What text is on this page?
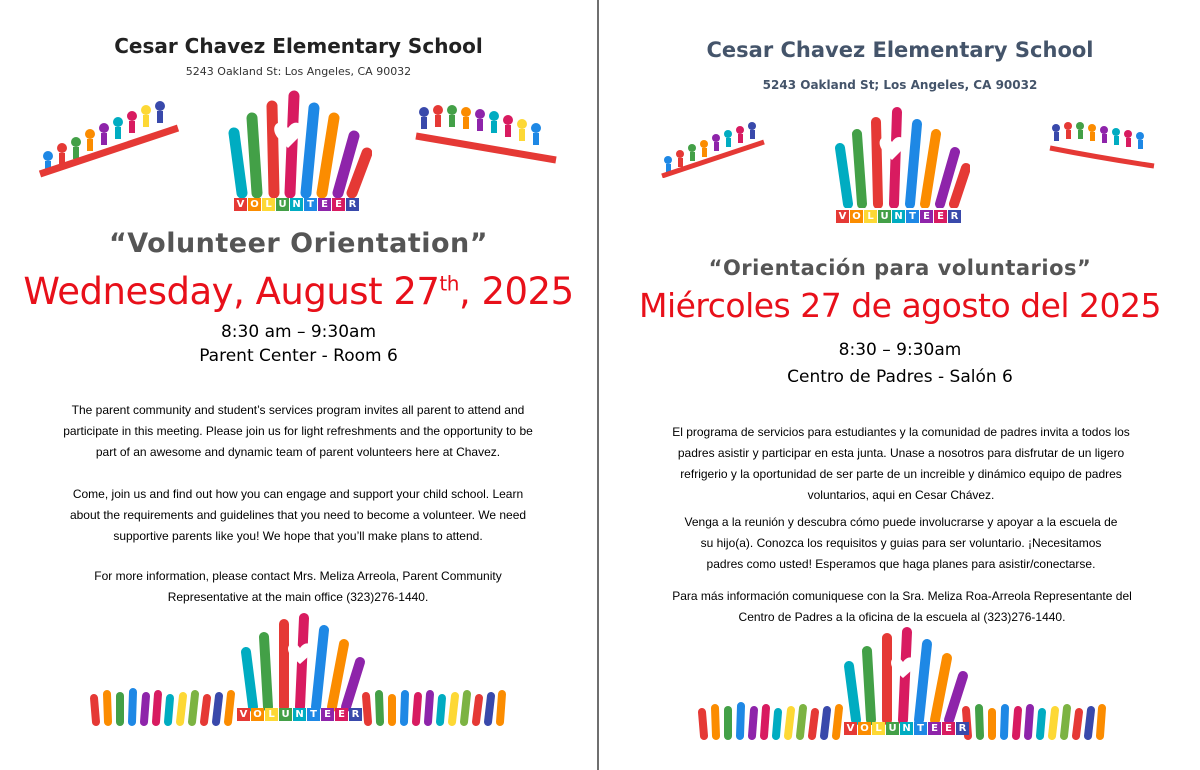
Cesar Chavez Elementary School
5243 Oakland St: Los Angeles, CA 90032
V O L U N T E E R
“Volunteer Orientation”
Wednesday, August 27th, 2025
8:30 am – 9:30am
Parent Center - Room 6

The parent community and student’s services program invites all parent to attend and participate in this meeting. Please join us for light refreshments and the opportunity to be part of an awesome and dynamic team of parent volunteers here at Chavez.

Come, join us and find out how you can engage and support your child school. Learn about the requirements and guidelines that you need to become a volunteer. We need supportive parents like you! We hope that you’ll make plans to attend.

For more information, please contact Mrs. Meliza Arreola, Parent Community Representative at the main office (323)276-1440.

V O L U N T E E R
Cesar Chavez Elementary School
5243 Oakland St; Los Angeles, CA 90032
V O L U N T E E R
“Orientación para voluntarios”
Miércoles 27 de agosto del 2025
8:30 – 9:30am
Centro de Padres - Salón 6

El programa de servicios para estudiantes y la comunidad de padres invita a todos los padres asistir y participar en esta junta. Unase a nosotros para disfrutar de un ligero refrigerio y la oportunidad de ser parte de un increible y dinámico equipo de padres voluntarios, aqui en Cesar Chávez.

Venga a la reunión y descubra cómo puede involucrarse y apoyar a la escuela de su hijo(a). Conozca los requisitos y guias para ser voluntario. ¡Necesitamos padres como usted! Esperamos que haga planes para asistir/conectarse.

Para más información comuniquese con la Sra. Meliza Roa-Arreola Representante del Centro de Padres a la oficina de la escuela al (323)276-1440.

V O L U N T E E R
